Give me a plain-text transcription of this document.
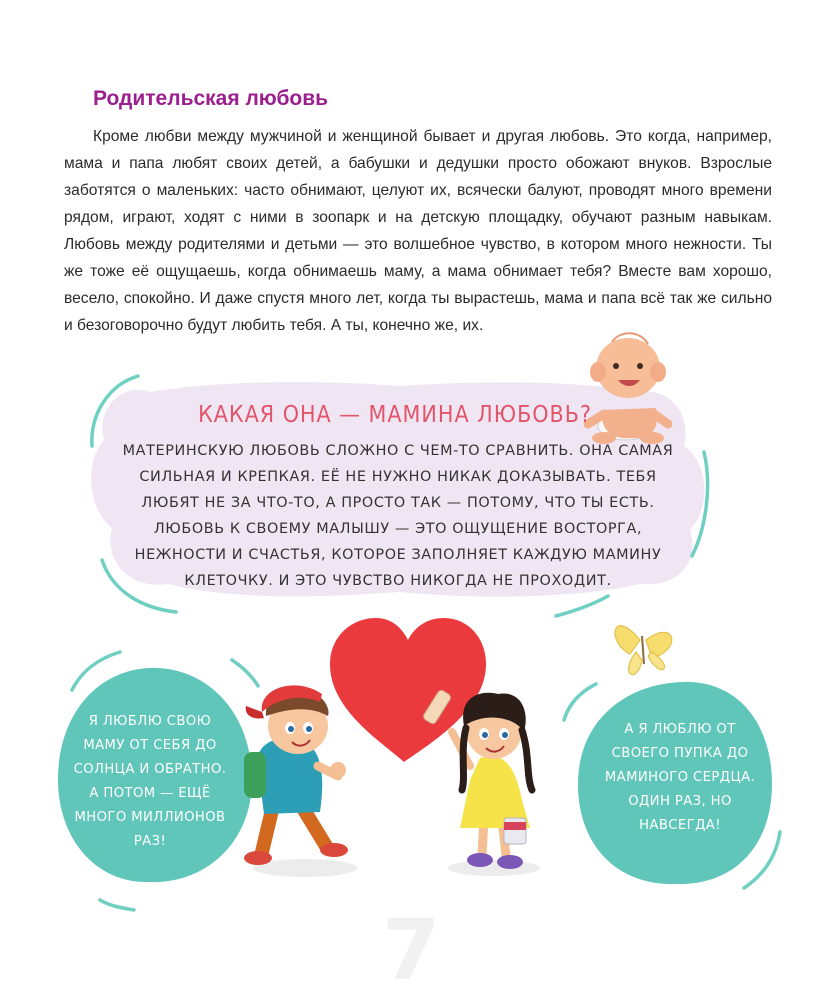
Родительская любовь

Кроме любви между мужчиной и женщиной бывает и другая любовь. Это когда, например, мама и папа любят своих детей, а бабушки и дедушки просто обожают внуков. Взрослые заботятся о маленьких: часто обнимают, целуют их, всячески балуют, проводят много времени рядом, играют, ходят с ними в зоопарк и на детскую площадку, обучают разным навыкам. Любовь между родителями и детьми — это волшебное чувство, в котором много нежности. Ты же тоже её ощущаешь, когда обнимаешь маму, а мама обнимает тебя? Вместе вам хорошо, весело, спокойно. И даже спустя много лет, когда ты вырастешь, мама и папа всё так же сильно и безоговорочно будут любить тебя. А ты, конечно же, их.

КАКАЯ ОНА — МАМИНА ЛЮБОВЬ?
МАТЕРИНСКУЮ ЛЮБОВЬ СЛОЖНО С ЧЕМ-ТО СРАВНИТЬ. ОНА САМАЯ СИЛЬНАЯ И КРЕПКАЯ. ЕЁ НЕ НУЖНО НИКАК ДОКАЗЫВАТЬ. ТЕБЯ ЛЮБЯТ НЕ ЗА ЧТО-ТО, А ПРОСТО ТАК — ПОТОМУ, ЧТО ТЫ ЕСТЬ. ЛЮБОВЬ К СВОЕМУ МАЛЫШУ — ЭТО ОЩУЩЕНИЕ ВОСТОРГА, НЕЖНОСТИ И СЧАСТЬЯ, КОТОРОЕ ЗАПОЛНЯЕТ КАЖДУЮ МАМИНУ КЛЕТОЧКУ. И ЭТО ЧУВСТВО НИКОГДА НЕ ПРОХОДИТ.
Я ЛЮБЛЮ СВОЮ МАМУ ОТ СЕБЯ ДО СОЛНЦА И ОБРАТНО. А ПОТОМ — ЕЩЁ МНОГО МИЛЛИОНОВ РАЗ!
А Я ЛЮБЛЮ ОТ СВОЕГО ПУПКА ДО МАМИНОГО СЕРДЦА. ОДИН РАЗ, НО НАВСЕГДА!
7
